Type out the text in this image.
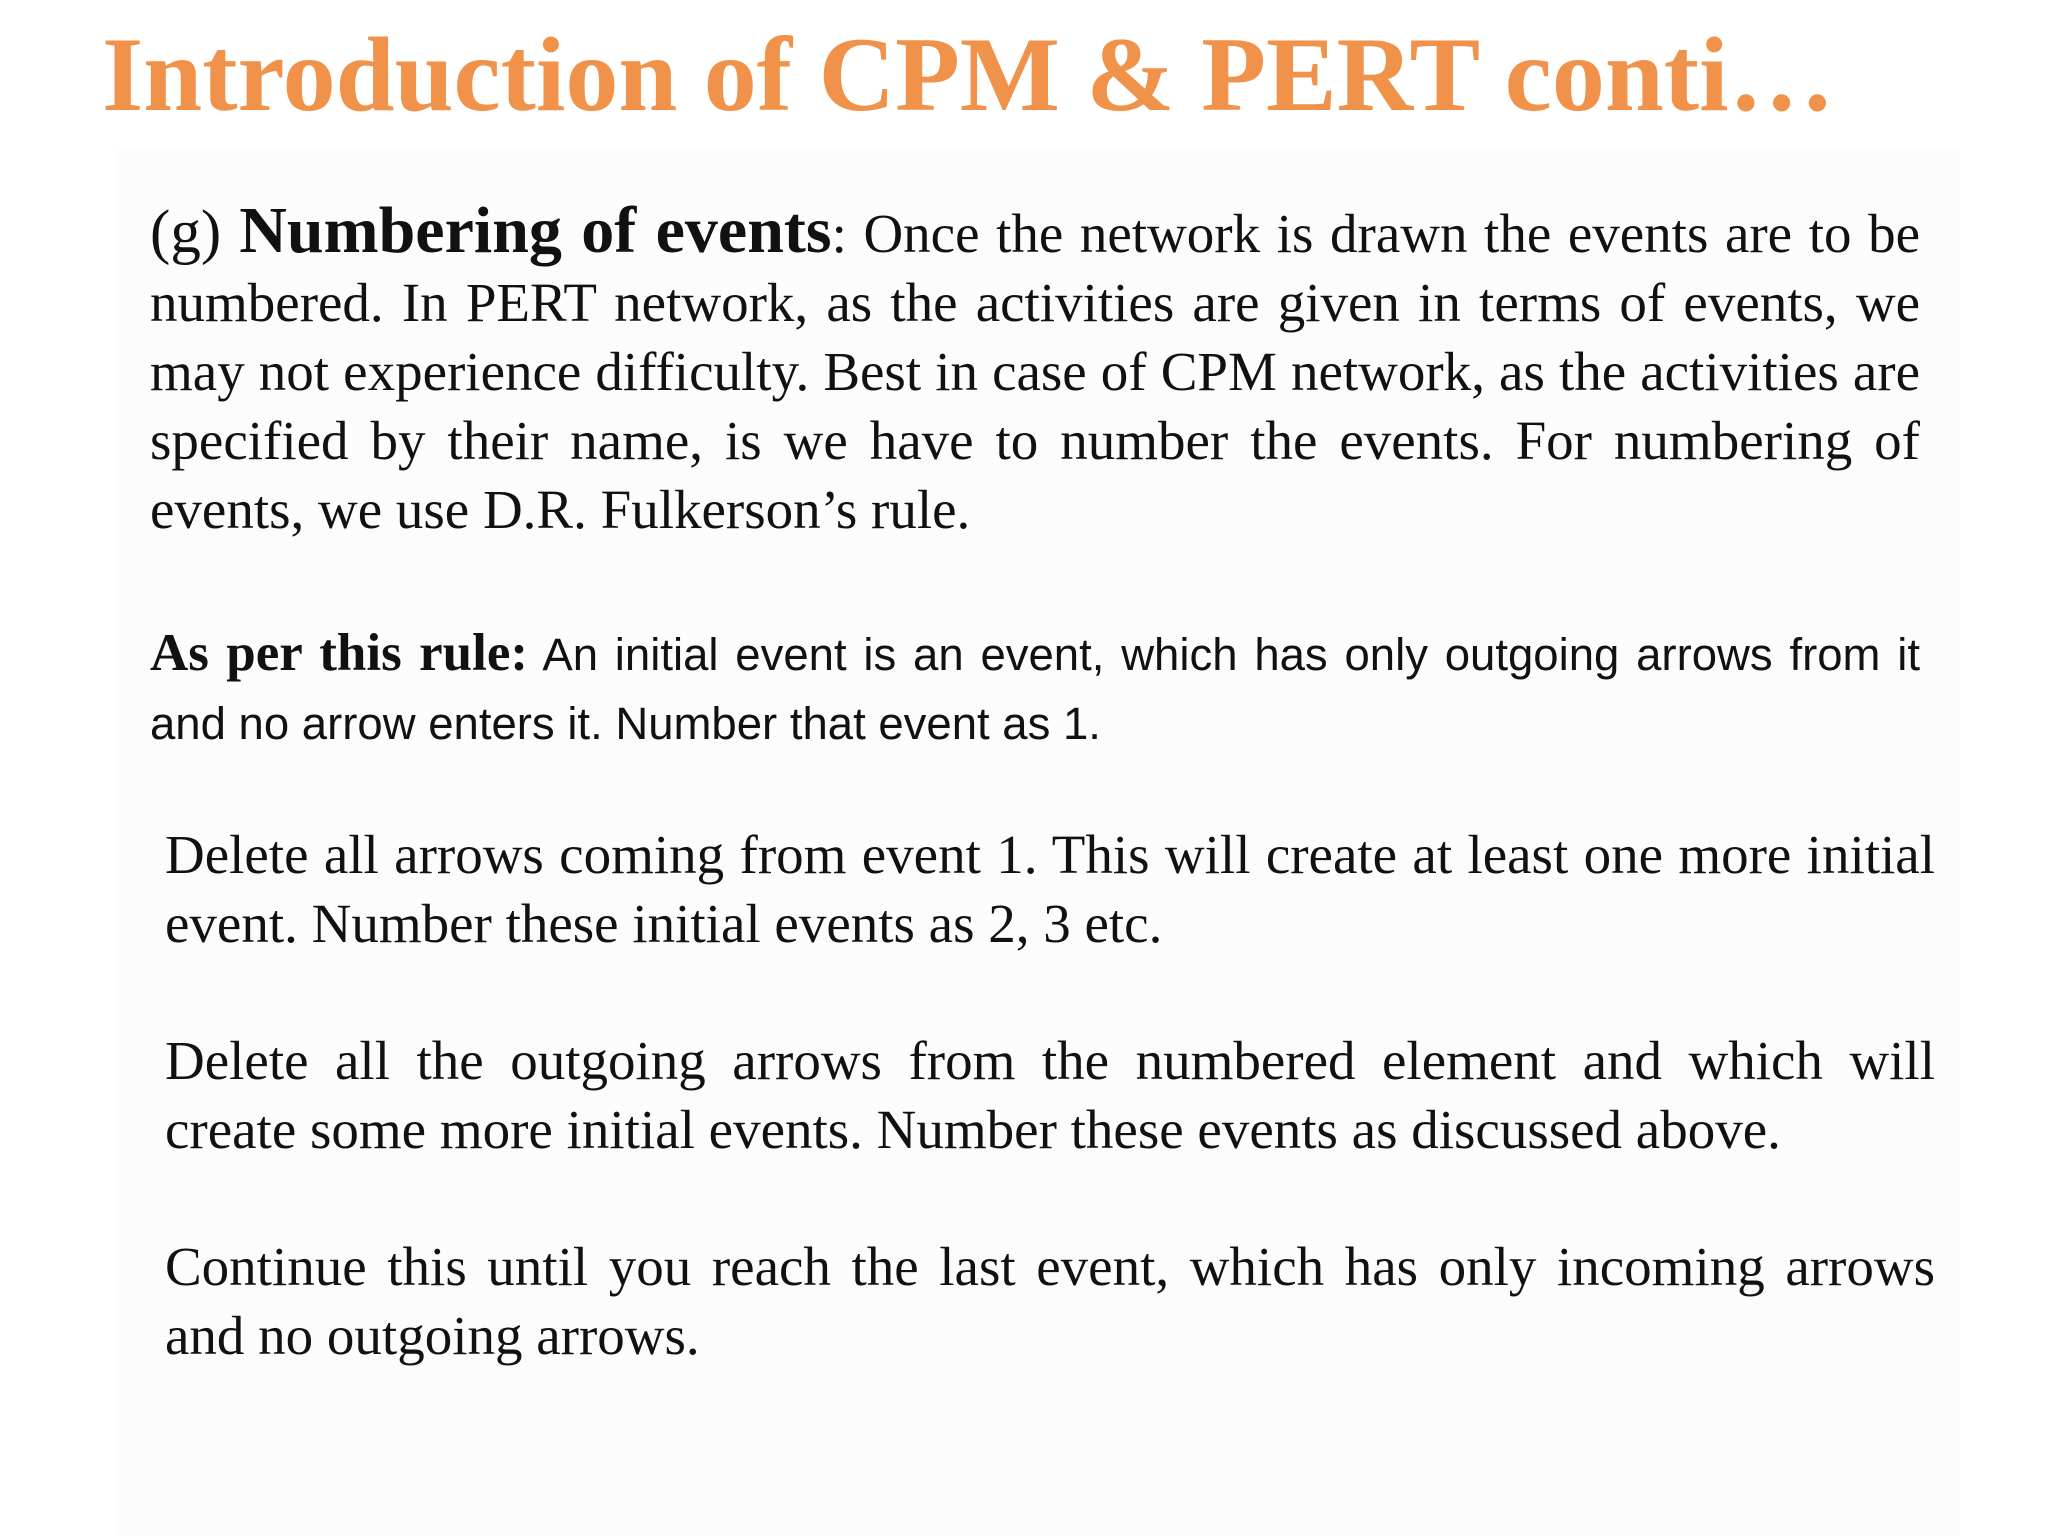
Introduction of CPM & PERT conti…

(g) Numbering of events: Once the network is drawn the events are to be numbered. In PERT network, as the activities are given in terms of events, we may not experience difficulty. Best in case of CPM network, as the activities are specified by their name, is we have to number the events. For numbering of events, we use D.R. Fulkerson’s rule.

As per this rule: An initial event is an event, which has only outgoing arrows from it and no arrow enters it. Number that event as 1.

Delete all arrows coming from event 1. This will create at least one more initial event. Number these initial events as 2, 3 etc.

Delete all the outgoing arrows from the numbered element and which will create some more initial events. Number these events as discussed above.

Continue this until you reach the last event, which has only incoming arrows and no outgoing arrows.
